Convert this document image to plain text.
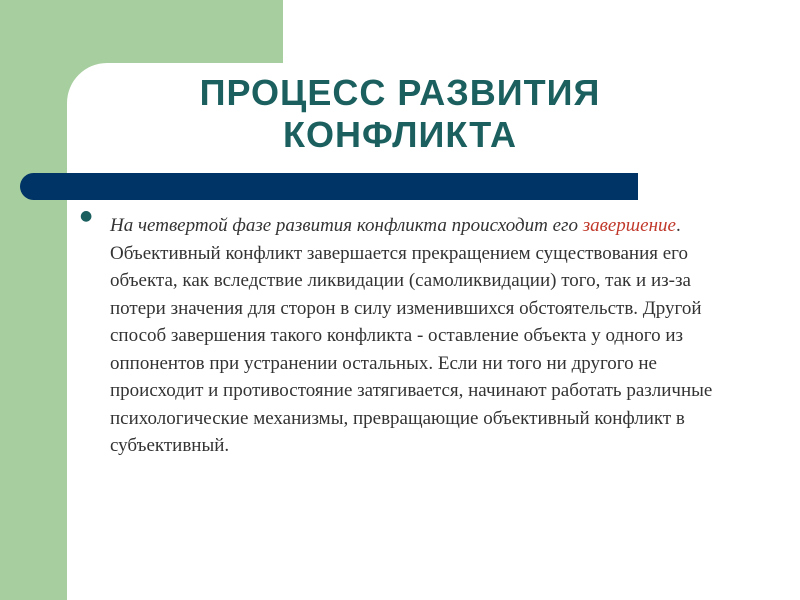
ПРОЦЕСС РАЗВИТИЯ
КОНФЛИКТА
● На четвертой фазе развития конфликта происходит его завершение. Объективный конфликт завершается прекращением существования его объекта, как вследствие ликвидации (самоликвидации) того, так и из-за потери значения для сторон в силу изменившихся обстоятельств. Другой способ завершения такого конфликта - оставление объекта у одного из оппонентов при устранении остальных. Если ни того ни другого не происходит и противостояние затягивается, начинают работать различные психологические механизмы, превращающие объективный конфликт в субъективный.
